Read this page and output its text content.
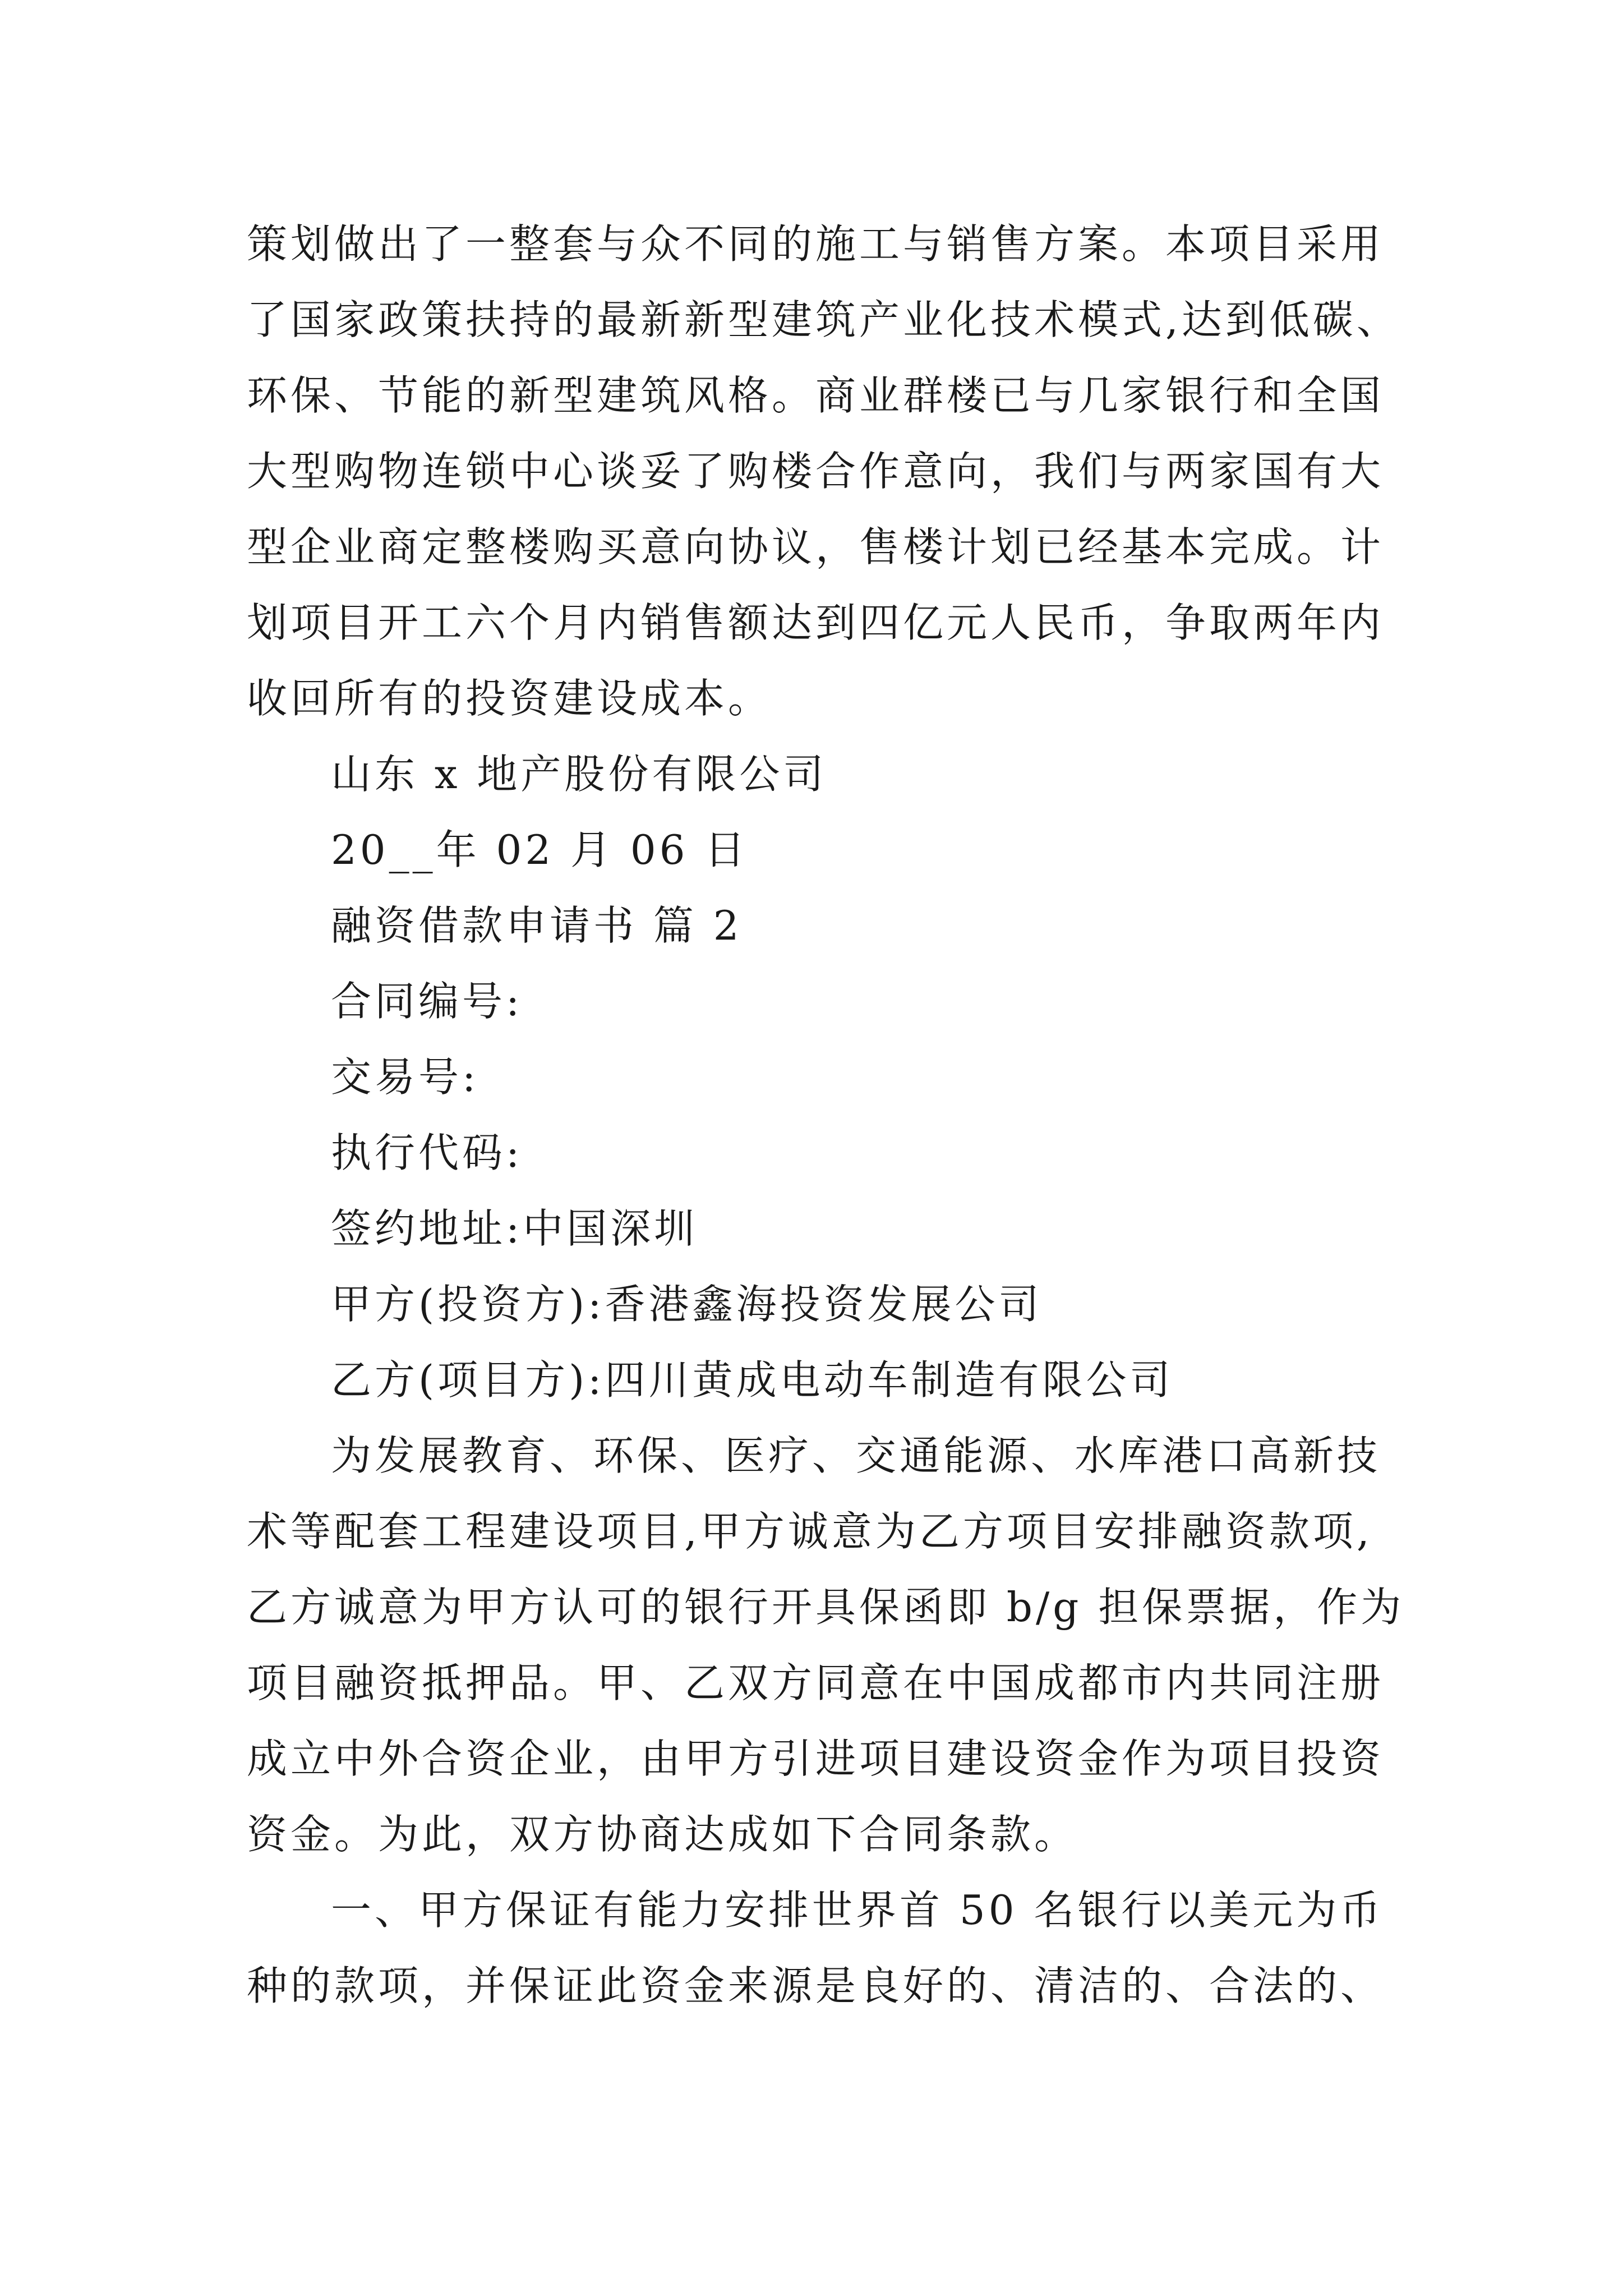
策划做出了一整套与众不同的施工与销售方案。本项目采用
了国家政策扶持的最新新型建筑产业化技术模式,达到低碳、
环保、节能的新型建筑风格。商业群楼已与几家银行和全国
大型购物连锁中心谈妥了购楼合作意向，我们与两家国有大
型企业商定整楼购买意向协议，售楼计划已经基本完成。计
划项目开工六个月内销售额达到四亿元人民币，争取两年内
收回所有的投资建设成本。
山东 x 地产股份有限公司
20__年 02 月 06 日
融资借款申请书 篇 2
合同编号:
交易号:
执行代码:
签约地址:中国深圳
甲方(投资方):香港鑫海投资发展公司
乙方(项目方):四川黄成电动车制造有限公司
为发展教育、环保、医疗、交通能源、水库港口高新技
术等配套工程建设项目,甲方诚意为乙方项目安排融资款项,
乙方诚意为甲方认可的银行开具保函即 b/g 担保票据，作为
项目融资抵押品。甲、乙双方同意在中国成都市内共同注册
成立中外合资企业，由甲方引进项目建设资金作为项目投资
资金。为此，双方协商达成如下合同条款。
一、甲方保证有能力安排世界首 50 名银行以美元为币
种的款项，并保证此资金来源是良好的、清洁的、合法的、
